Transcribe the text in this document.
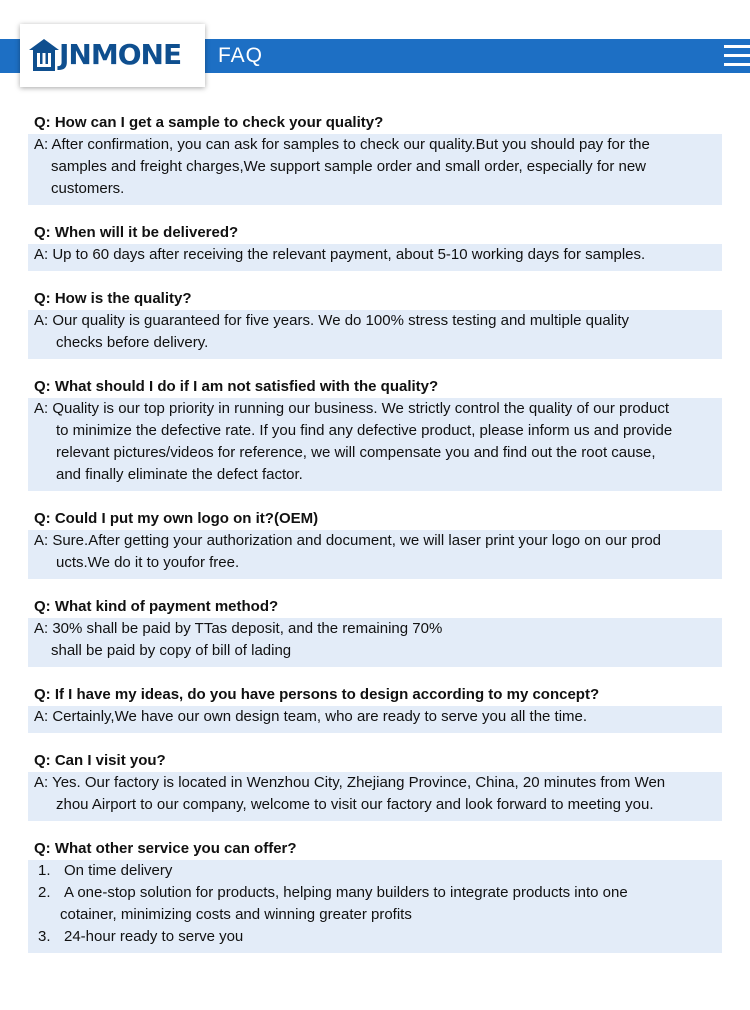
FAQ
JNMONE
Q: How can I get a sample to check your quality?
A: After confirmation, you can ask for samples to check our quality.But you should pay for the
samples and freight charges,We support sample order and small order, especially for new
customers.
Q: When will it be delivered?
A: Up to 60 days after receiving the relevant payment, about 5-10 working days for samples.
Q: How is the quality?
A: Our quality is guaranteed for five years. We do 100% stress testing and multiple quality
checks before delivery.
Q: What should I do if I am not satisfied with the quality?
A: Quality is our top priority in running our business. We strictly control the quality of our product
to minimize the defective rate. If you find any defective product, please inform us and provide
relevant pictures/videos for reference, we will compensate you and find out the root cause,
and finally eliminate the defect factor.
Q: Could I put my own logo on it?(OEM)
A: Sure.After getting your authorization and document, we will laser print your logo on our prod
ucts.We do it to youfor free.
Q: What kind of payment method?
A: 30% shall be paid by TTas deposit, and the remaining 70%
shall be paid by copy of bill of lading
Q: If I have my ideas, do you have persons to design according to my concept?
A: Certainly,We have our own design team, who are ready to serve you all the time.
Q: Can I visit you?
A: Yes. Our factory is located in Wenzhou City, Zhejiang Province, China, 20 minutes from Wen
zhou Airport to our company, welcome to visit our factory and look forward to meeting you.
Q: What other service you can offer?
1. On time delivery
2. A one-stop solution for products, helping many builders to integrate products into one
cotainer, minimizing costs and winning greater profits
3. 24-hour ready to serve you
